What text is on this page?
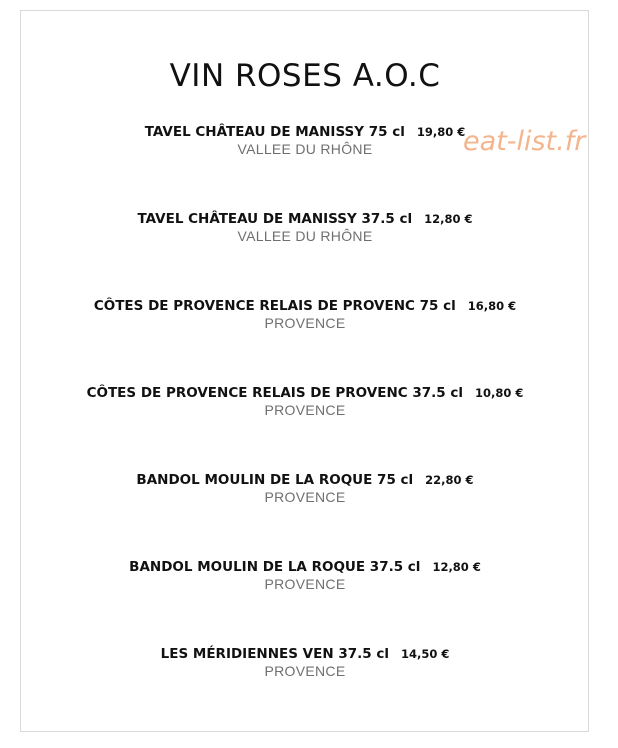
VIN ROSES A.O.C
eat-list.fr
TAVEL CHÂTEAU DE MANISSY 75 cl 19,80 €
VALLEE DU RHÔNE
TAVEL CHÂTEAU DE MANISSY 37.5 cl 12,80 €
VALLEE DU RHÔNE
CÔTES DE PROVENCE RELAIS DE PROVENC 75 cl 16,80 €
PROVENCE
CÔTES DE PROVENCE RELAIS DE PROVENC 37.5 cl 10,80 €
PROVENCE
BANDOL MOULIN DE LA ROQUE 75 cl 22,80 €
PROVENCE
BANDOL MOULIN DE LA ROQUE 37.5 cl 12,80 €
PROVENCE
LES MÉRIDIENNES VEN 37.5 cl 14,50 €
PROVENCE
